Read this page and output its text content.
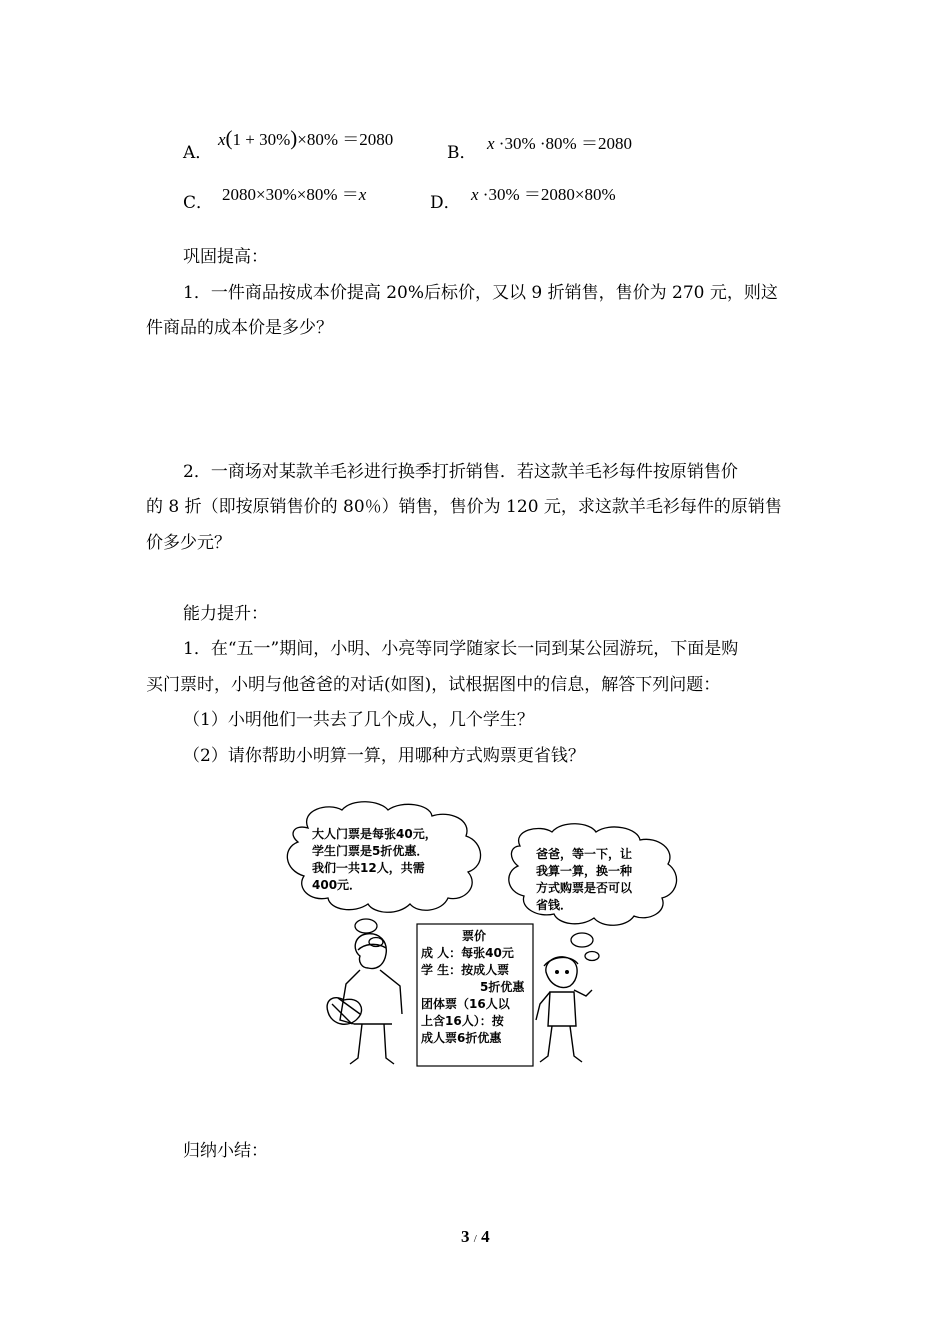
A．
x(1 + 30%)×80% ＝2080
B． x ·30% ·80% ＝2080
C． 2080×30%×80% ＝x	D． x ·30% ＝2080×80%
巩固提高：
1．一件商品按成本价提高 20%后标价，又以 9 折销售，售价为 270 元，则这
件商品的成本价是多少？
2．一商场对某款羊毛衫进行换季打折销售．若这款羊毛衫每件按原销售价
的 8 折（即按原销售价的 80％）销售，售价为 120 元，求这款羊毛衫每件的原销售
价多少元？
能力提升：
1．在“五一”期间，小明、小亮等同学随家长一同到某公园游玩，下面是购
买门票时，小明与他爸爸的对话(如图)，试根据图中的信息，解答下列问题：
（1）小明他们一共去了几个成人，几个学生？
（2）请你帮助小明算一算，用哪种方式购票更省钱？
大人门票是每张40元，
学生门票是5折优惠．
我们一共12人，共需
400元．
爸爸，等一下，让
我算一算，换一种
方式购票是否可以
省钱．
票价
成 人：每张40元
学 生：按成人票
5折优惠
团体票（16人以
上含16人）：按
成人票6折优惠
归纳小结：
3 / 4
